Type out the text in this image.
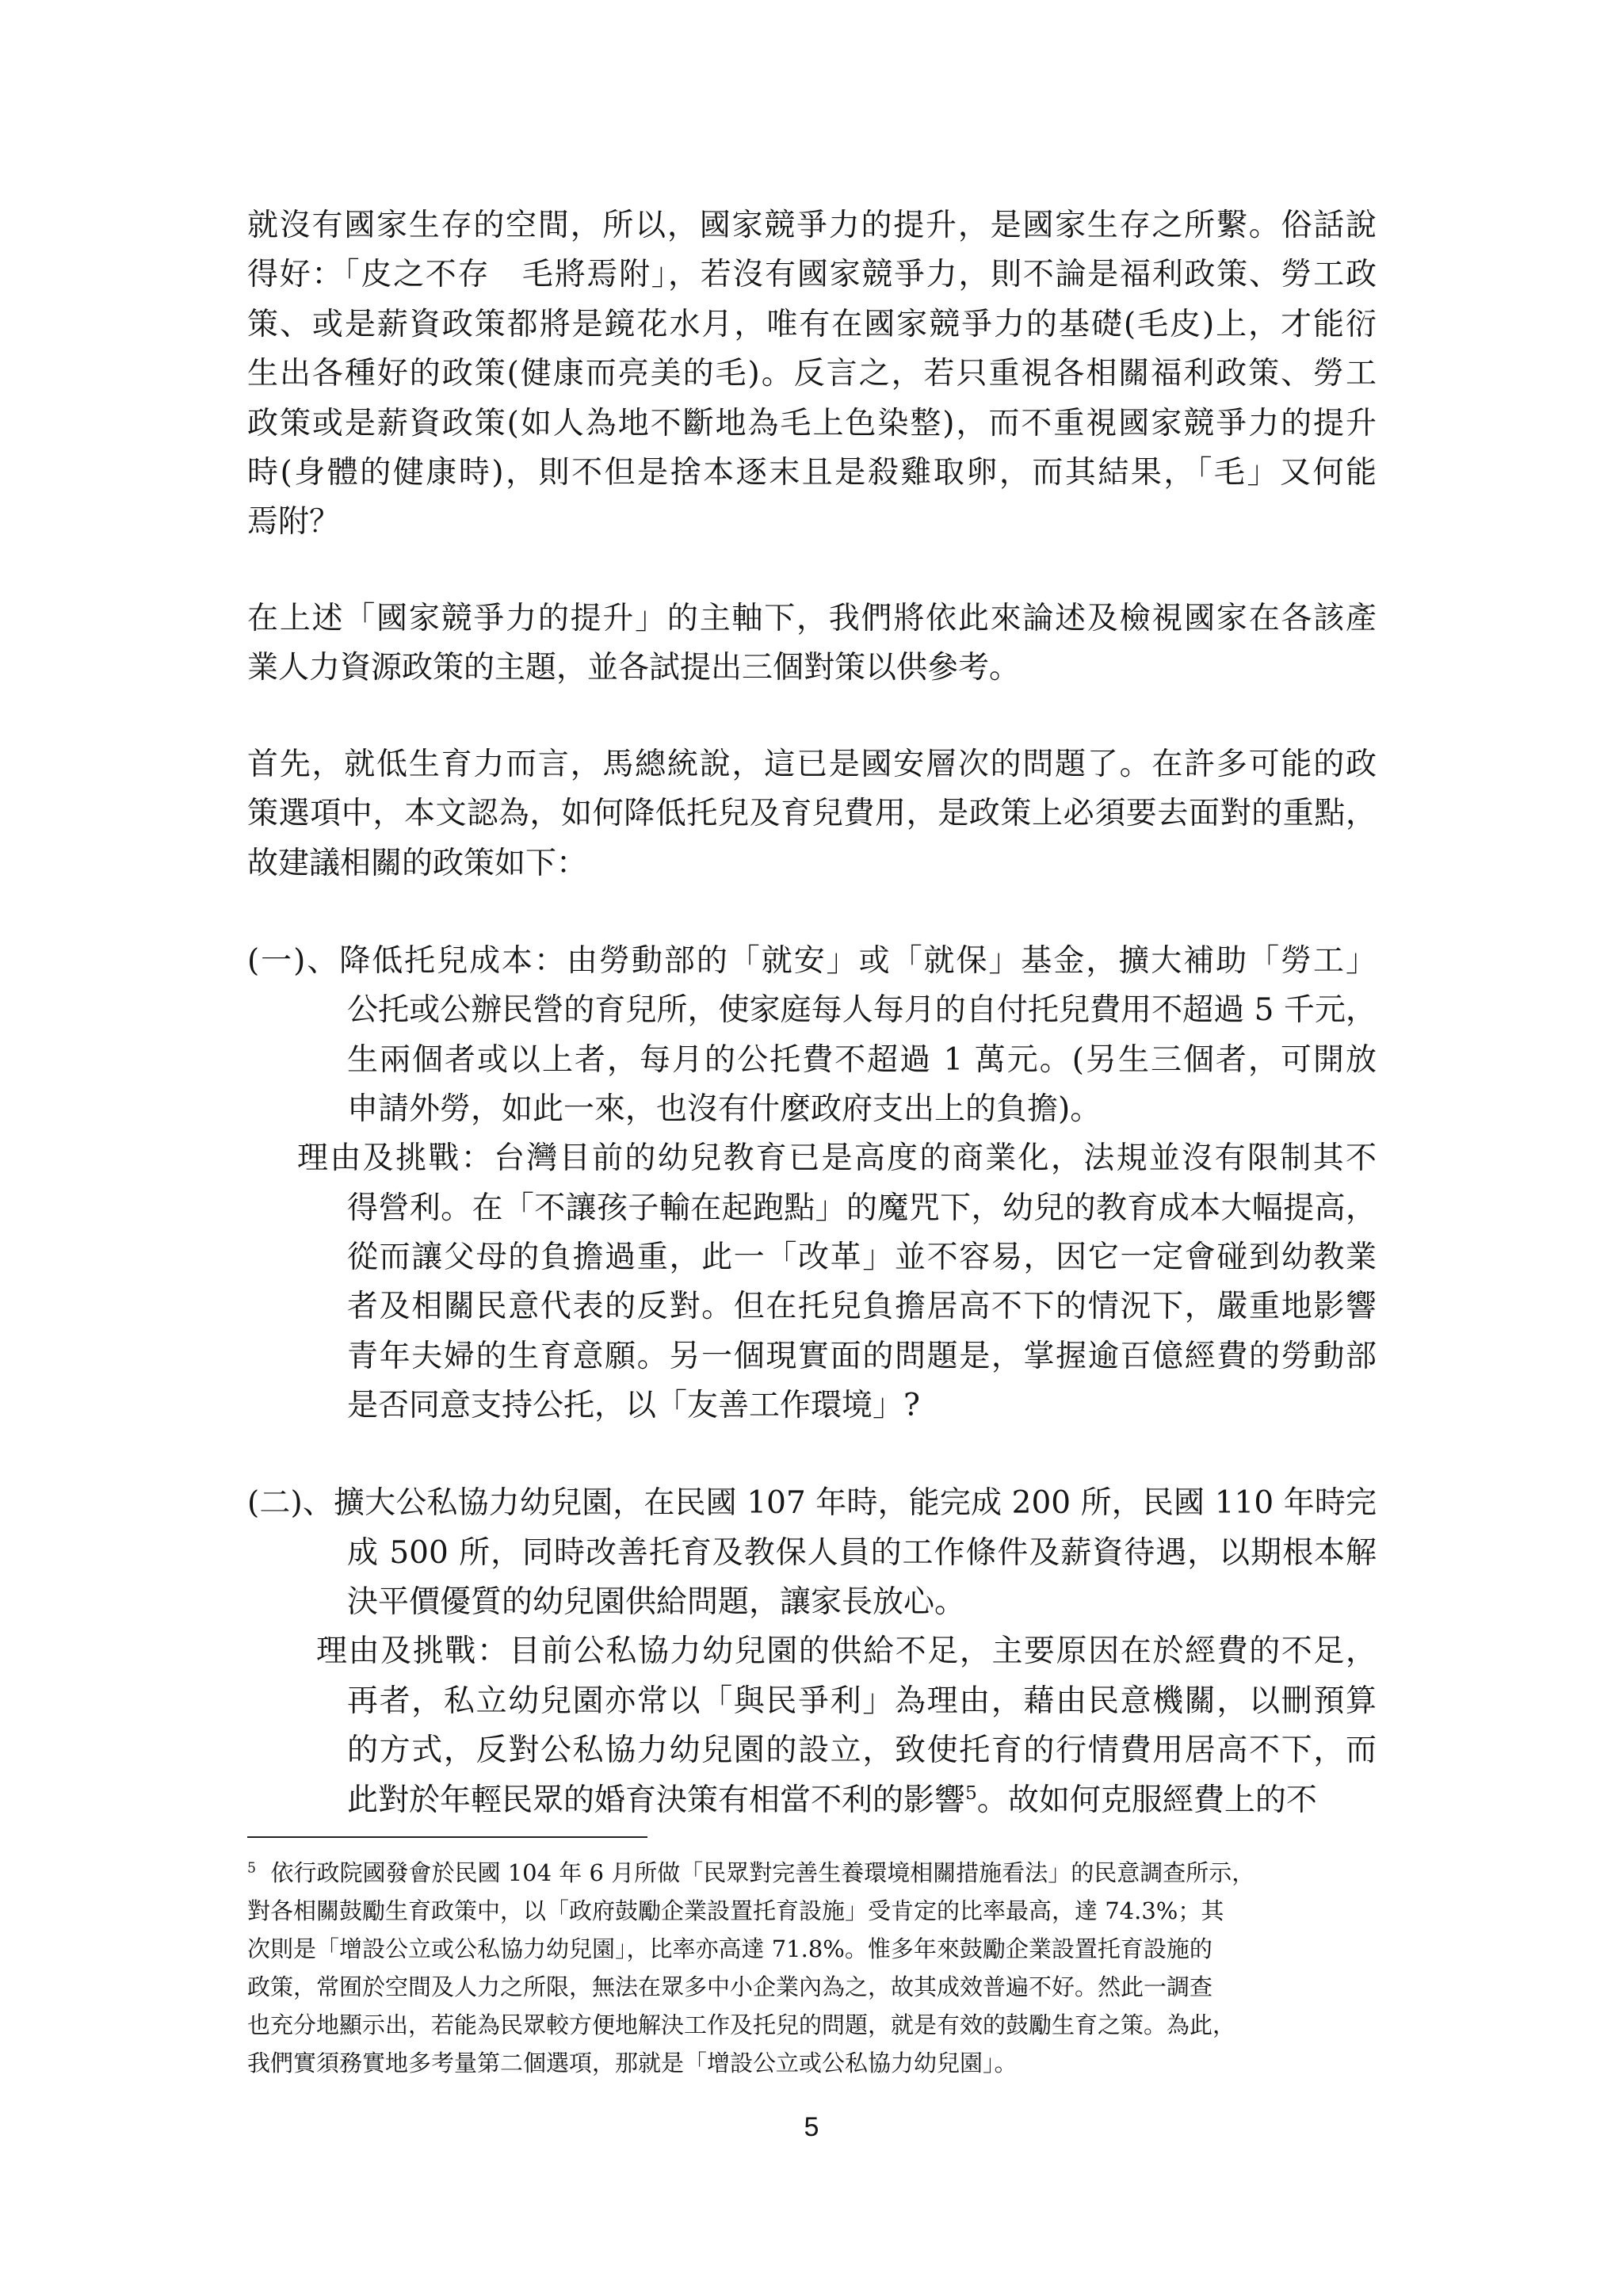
就沒有國家生存的空間，所以，國家競爭力的提升，是國家生存之所繫。俗話說

得好：「皮之不存　毛將焉附」，若沒有國家競爭力，則不論是福利政策、勞工政

策、或是薪資政策都將是鏡花水月，唯有在國家競爭力的基礎(毛皮)上，才能衍

生出各種好的政策(健康而亮美的毛)。反言之，若只重視各相關福利政策、勞工

政策或是薪資政策(如人為地不斷地為毛上色染整)，而不重視國家競爭力的提升

時(身體的健康時)，則不但是捨本逐末且是殺雞取卵，而其結果，「毛」又何能

焉附？

在上述「國家競爭力的提升」的主軸下，我們將依此來論述及檢視國家在各該產

業人力資源政策的主題，並各試提出三個對策以供參考。

首先，就低生育力而言，馬總統說，這已是國安層次的問題了。在許多可能的政

策選項中，本文認為，如何降低托兒及育兒費用，是政策上必須要去面對的重點，

故建議相關的政策如下：

(一)、降低托兒成本：由勞動部的「就安」或「就保」基金，擴大補助「勞工」

公托或公辦民營的育兒所，使家庭每人每月的自付托兒費用不超過 5 千元，

生兩個者或以上者，每月的公托費不超過 1 萬元。(另生三個者，可開放

申請外勞，如此一來，也沒有什麼政府支出上的負擔)。

理由及挑戰：台灣目前的幼兒教育已是高度的商業化，法規並沒有限制其不

得營利。在「不讓孩子輸在起跑點」的魔咒下，幼兒的教育成本大幅提高，

從而讓父母的負擔過重，此一「改革」並不容易，因它一定會碰到幼教業

者及相關民意代表的反對。但在托兒負擔居高不下的情況下，嚴重地影響

青年夫婦的生育意願。另一個現實面的問題是，掌握逾百億經費的勞動部

是否同意支持公托，以「友善工作環境」?

(二)、擴大公私協力幼兒園，在民國 107 年時，能完成 200 所，民國 110 年時完

成 500 所，同時改善托育及教保人員的工作條件及薪資待遇，以期根本解

決平價優質的幼兒園供給問題，讓家長放心。

理由及挑戰：目前公私協力幼兒園的供給不足，主要原因在於經費的不足，

再者，私立幼兒園亦常以「與民爭利」為理由，藉由民意機關，以刪預算

的方式，反對公私協力幼兒園的設立，致使托育的行情費用居高不下，而

此對於年輕民眾的婚育決策有相當不利的影響$^5$。故如何克服經費上的不

$^5$ 依行政院國發會於民國 104 年 6 月所做「民眾對完善生養環境相關措施看法」的民意調查所示，

對各相關鼓勵生育政策中，以「政府鼓勵企業設置托育設施」受肯定的比率最高，達 74.3%；其

次則是「增設公立或公私協力幼兒園」，比率亦高達 71.8%。惟多年來鼓勵企業設置托育設施的

政策，常囿於空間及人力之所限，無法在眾多中小企業內為之，故其成效普遍不好。然此一調查

也充分地顯示出，若能為民眾較方便地解決工作及托兒的問題，就是有效的鼓勵生育之策。為此，

我們實須務實地多考量第二個選項，那就是「增設公立或公私協力幼兒園」。

5
